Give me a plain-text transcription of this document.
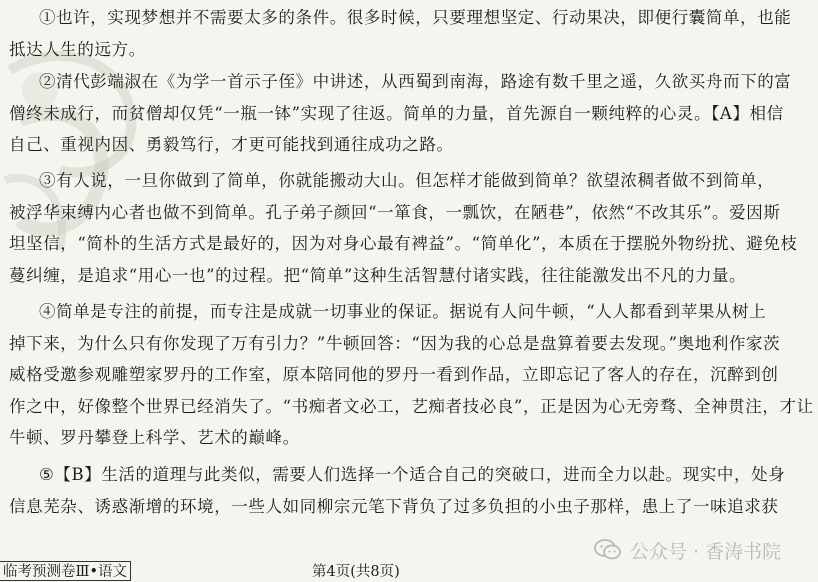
①也许，实现梦想并不需要太多的条件。很多时候，只要理想坚定、行动果决，即便行囊简单，也能
抵达人生的远方。
②清代彭端淑在《为学一首示子侄》中讲述，从西蜀到南海，路途有数千里之遥，久欲买舟而下的富
僧终未成行，而贫僧却仅凭“一瓶一钵”实现了往返。简单的力量，首先源自一颗纯粹的心灵。【A】相信
自己、重视内因、勇毅笃行，才更可能找到通往成功之路。
③有人说，一旦你做到了简单，你就能搬动大山。但怎样才能做到简单？欲望浓稠者做不到简单，
被浮华束缚内心者也做不到简单。孔子弟子颜回“一箪食，一瓢饮，在陋巷”，依然“不改其乐”。爱因斯
坦坚信，“简朴的生活方式是最好的，因为对身心最有裨益”。“简单化”，本质在于摆脱外物纷扰、避免枝
蔓纠缠，是追求“用心一也”的过程。把“简单”这种生活智慧付诸实践，往往能激发出不凡的力量。
④简单是专注的前提，而专注是成就一切事业的保证。据说有人问牛顿，“人人都看到苹果从树上
掉下来，为什么只有你发现了万有引力？”牛顿回答：“因为我的心总是盘算着要去发现。”奥地利作家茨
威格受邀参观雕塑家罗丹的工作室，原本陪同他的罗丹一看到作品，立即忘记了客人的存在，沉醉到创
作之中，好像整个世界已经消失了。“书痴者文必工，艺痴者技必良”，正是因为心无旁骛、全神贯注，才让
牛顿、罗丹攀登上科学、艺术的巅峰。
⑤【B】生活的道理与此类似，需要人们选择一个适合自己的突破口，进而全力以赴。现实中，处身
信息芜杂、诱惑渐增的环境，一些人如同柳宗元笔下背负了过多负担的小虫子那样，患上了一味追求获
公众号 · 香涛书院
临考预测卷Ⅲ•语文	第4页(共8页)
